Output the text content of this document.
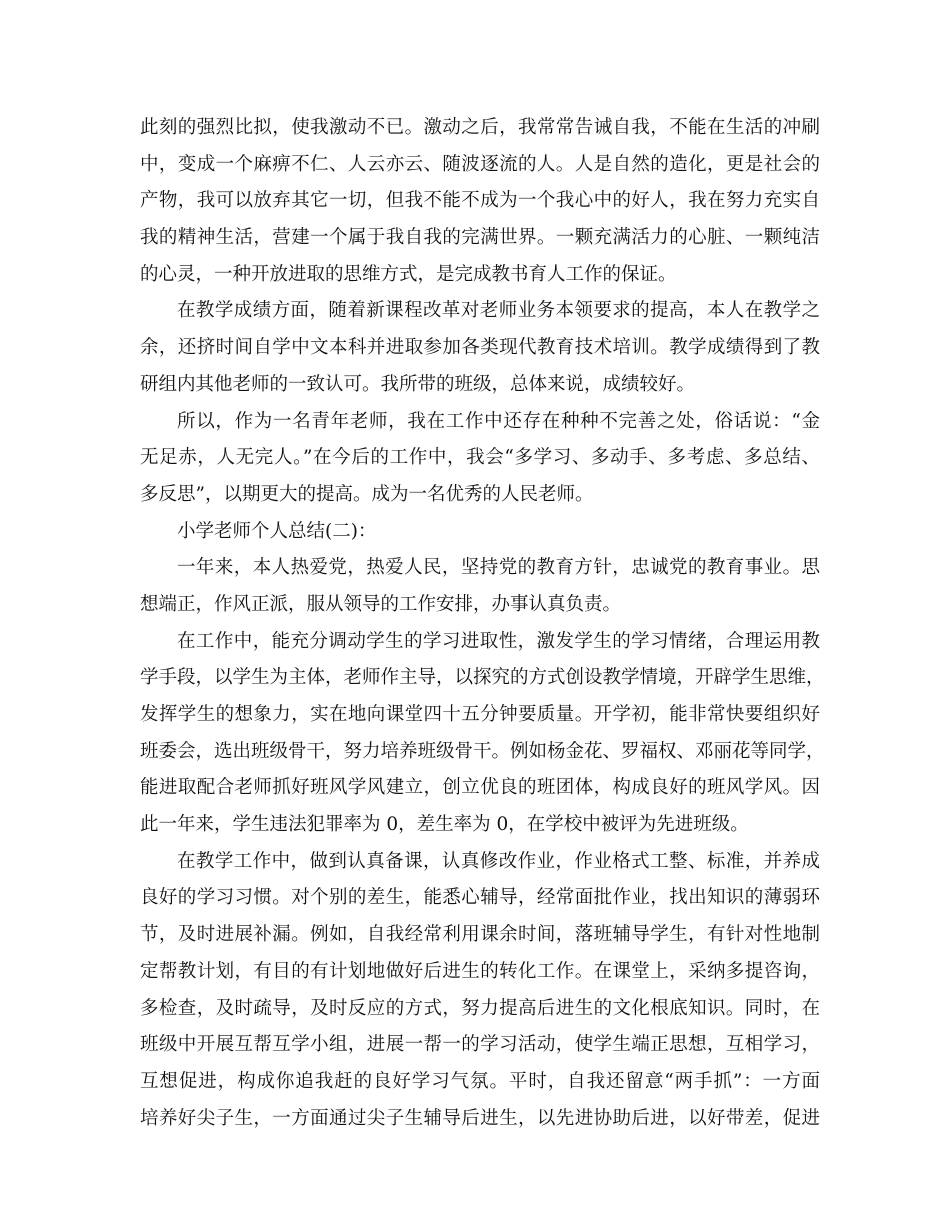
此刻的强烈比拟，使我激动不已。激动之后，我常常告诫自我，不能在生活的冲刷
中，变成一个麻痹不仁、人云亦云、随波逐流的人。人是自然的造化，更是社会的
产物，我可以放弃其它一切，但我不能不成为一个我心中的好人，我在努力充实自
我的精神生活，营建一个属于我自我的完满世界。一颗充满活力的心脏、一颗纯洁
的心灵，一种开放进取的思维方式，是完成教书育人工作的保证。
在教学成绩方面，随着新课程改革对老师业务本领要求的提高，本人在教学之
余，还挤时间自学中文本科并进取参加各类现代教育技术培训。教学成绩得到了教
研组内其他老师的一致认可。我所带的班级，总体来说，成绩较好。
所以，作为一名青年老师，我在工作中还存在种种不完善之处，俗话说：“金
无足赤，人无完人。”在今后的工作中，我会“多学习、多动手、多考虑、多总结、
多反思”，以期更大的提高。成为一名优秀的人民老师。
小学老师个人总结(二)：
一年来，本人热爱党，热爱人民，坚持党的教育方针，忠诚党的教育事业。思
想端正，作风正派，服从领导的工作安排，办事认真负责。
在工作中，能充分调动学生的学习进取性，激发学生的学习情绪，合理运用教
学手段，以学生为主体，老师作主导，以探究的方式创设教学情境，开辟学生思维，
发挥学生的想象力，实在地向课堂四十五分钟要质量。开学初，能非常快要组织好
班委会，选出班级骨干，努力培养班级骨干。例如杨金花、罗福权、邓丽花等同学，
能进取配合老师抓好班风学风建立，创立优良的班团体，构成良好的班风学风。因
此一年来，学生违法犯罪率为 0，差生率为 0，在学校中被评为先进班级。
在教学工作中，做到认真备课，认真修改作业，作业格式工整、标准，并养成
良好的学习习惯。对个别的差生，能悉心辅导，经常面批作业，找出知识的薄弱环
节，及时进展补漏。例如，自我经常利用课余时间，落班辅导学生，有针对性地制
定帮教计划，有目的有计划地做好后进生的转化工作。在课堂上，采纳多提咨询，
多检查，及时疏导，及时反应的方式，努力提高后进生的文化根底知识。同时，在
班级中开展互帮互学小组，进展一帮一的学习活动，使学生端正思想，互相学习，
互想促进，构成你追我赶的良好学习气氛。平时，自我还留意“两手抓”：一方面
培养好尖子生，一方面通过尖子生辅导后进生，以先进协助后进，以好带差，促进
